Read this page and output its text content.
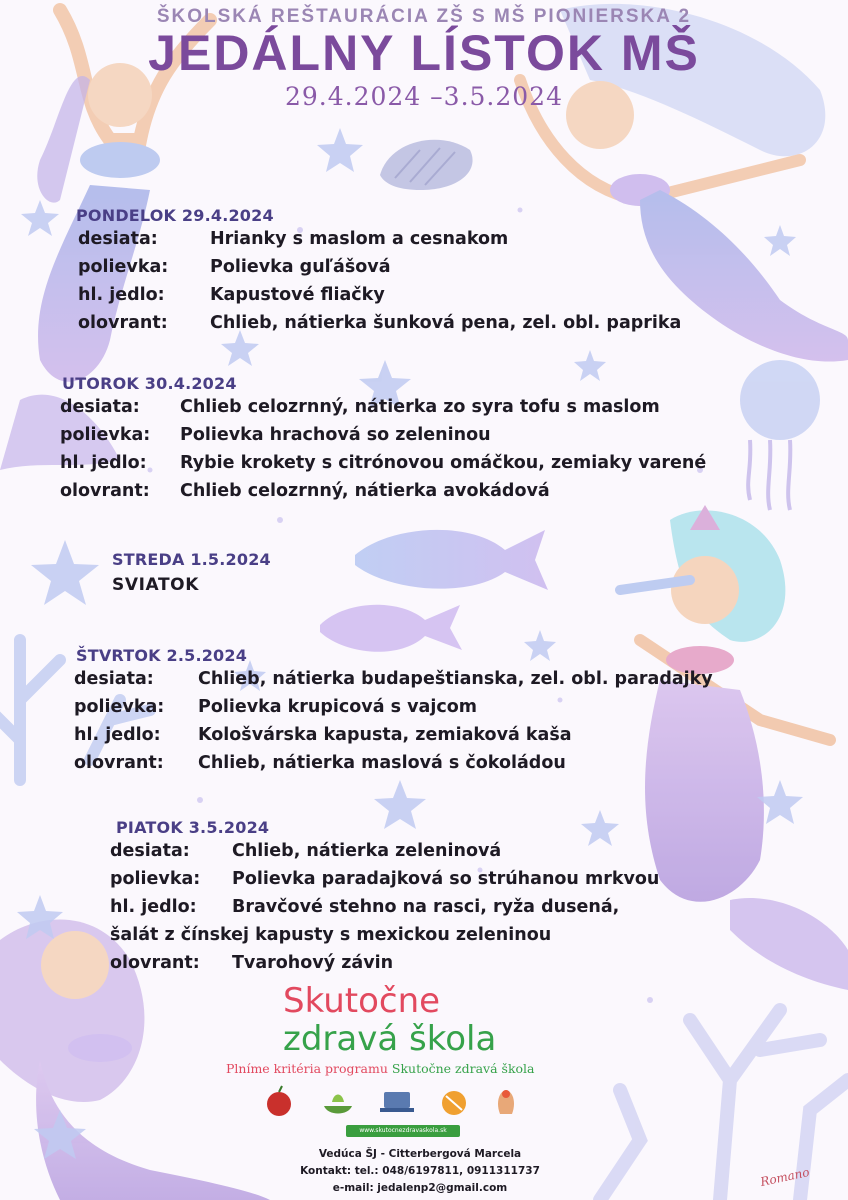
ŠKOLSKÁ REŠTAURÁCIA ZŠ S MŠ PIONIERSKA 2
JEDÁLNY LÍSTOK MŠ
29.4.2024 –3.5.2024
PONDELOK 29.4.2024
desiata:	Hrianky s maslom a cesnakom
polievka: Polievka guľášová
hl. jedlo:	Kapustové fliačky
olovrant: Chlieb, nátierka šunková pena, zel. obl. paprika
UTOROK 30.4.2024
desiata: Chlieb celozrnný, nátierka zo syra tofu s maslom
polievka: Polievka hrachová so zeleninou
hl. jedlo: Rybie krokety s citrónovou omáčkou, zemiaky varené
olovrant: Chlieb celozrnný, nátierka avokádová
STREDA 1.5.2024
SVIATOK
ŠTVRTOK 2.5.2024
desiata:	Chlieb, nátierka budapeštianska, zel. obl. paradajky
polievka: Polievka krupicová s vajcom
hl. jedlo: Kološvárska kapusta, zemiaková kaša
olovrant: Chlieb, nátierka maslová s čokoládou
PIATOK 3.5.2024
desiata: Chlieb, nátierka zeleninová
polievka: Polievka paradajková so strúhanou mrkvou
hl. jedlo: Bravčové stehno na rasci, ryža dusená,
šalát z čínskej kapusty s mexickou zeleninou
olovrant: Tvarohový závin
Skutočne
zdravá škola
Plníme kritéria programu Skutočne zdravá škola
www.skutocnezdravaskola.sk
Vedúca ŠJ - Citterbergová Marcela
Kontakt: tel.: 048/6197811, 0911311737
e-mail: jedalenp2@gmail.com	Romano
